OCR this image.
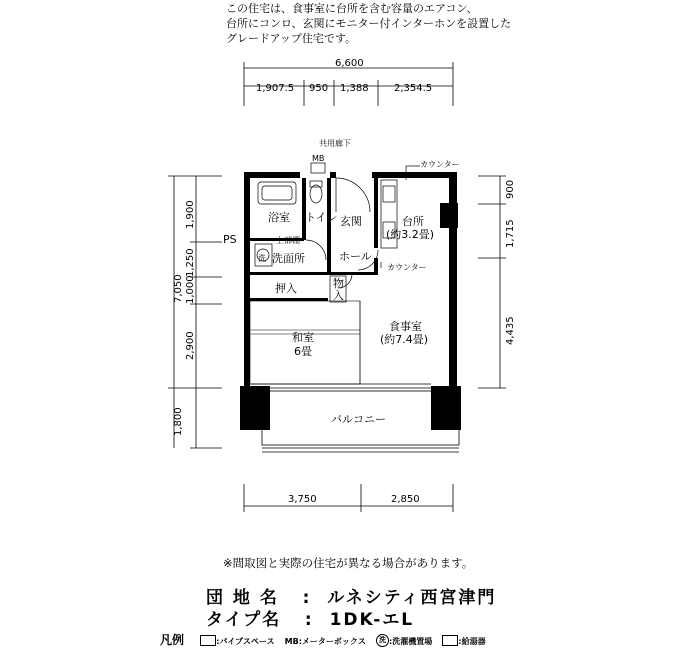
この住宅は、食事室に台所を含む容量のエアコン、
台所にコンロ、玄関にモニター付インターホンを設置した
グレードアップ住宅です。
6,600
1,907.5 950 1,388	2,354.5
1,900
1,250
1,000
2,900
1,800
7,050
900
1,715
4,435
3,750	2,850
共用廊下
MB
カウンター
浴室 トイレ 玄関	台所
(約3.2畳)
上部棚
洗 洗面所	ホール
カウンター
PS
押入	物
入
食事室
(約7.4畳)
和室
6畳
バルコニー
※間取図と実際の住宅が異なる場合があります。
団 地 名 : ルネシティ西宮津門
タイプ名 : 1DK-エL
凡例	:パイプスペース MB:メーターボックス 洗 :洗濯機置場	:給湯器
